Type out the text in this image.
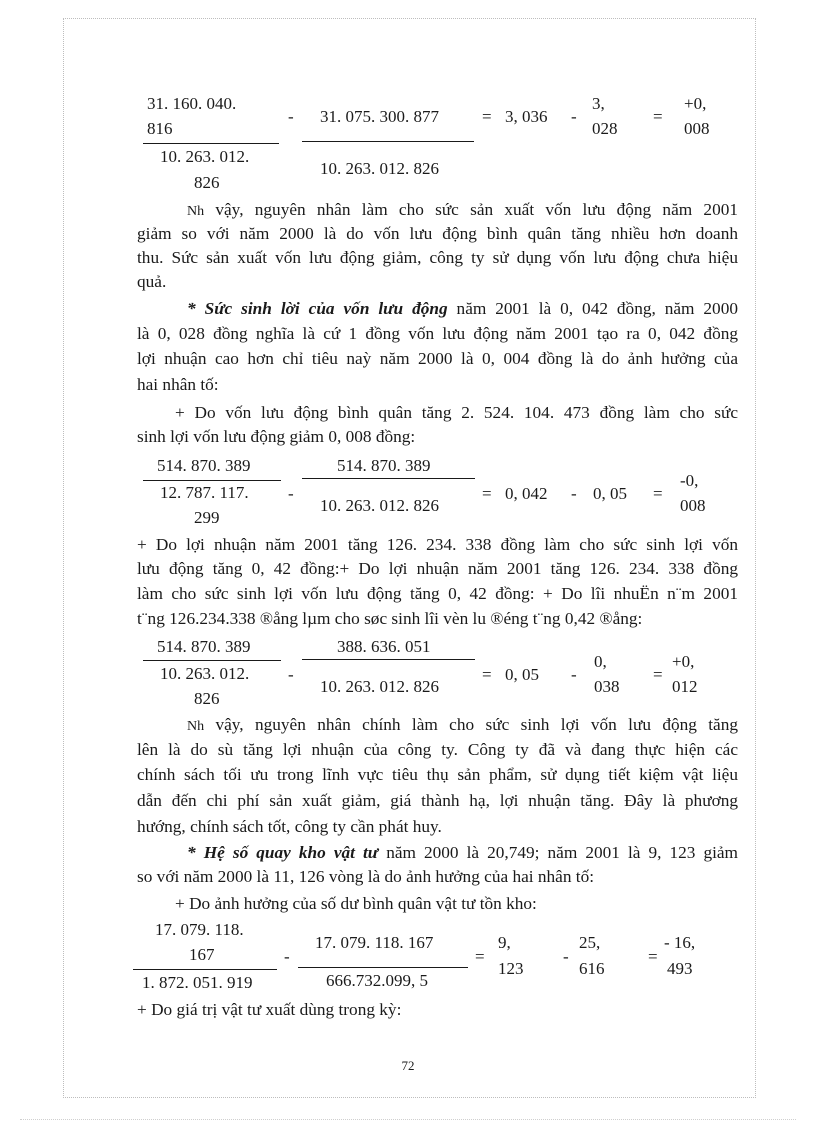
31. 160. 040.
816
10. 263. 012.
826
- 31. 075. 300. 877
10. 263. 012. 826
= 3, 036 -
3,
028
=
+0,
008
Nh vậy, nguyên nhân làm cho sức sản xuất vốn lưu động năm 2001
giảm so với năm 2000 là do vốn lưu động bình quân tăng nhiều hơn doanh
thu. Sức sản xuất vốn lưu động giảm, công ty sử dụng vốn lưu động chưa hiệu
quả.
* Sức sinh lời của vốn lưu động năm 2001 là 0, 042 đồng, năm 2000
là 0, 028 đồng nghĩa là cứ 1 đồng vốn lưu động năm 2001 tạo ra 0, 042 đồng
lợi nhuận cao hơn chỉ tiêu naỳ năm 2000 là 0, 004 đồng là do ảnh hưởng của
hai nhân tố:
+ Do vốn lưu động bình quân tăng 2. 524. 104. 473 đồng làm cho sức
sinh lợi vốn lưu động giảm 0, 008 đồng:
514. 870. 389
12. 787. 117.
299
-
514. 870. 389
10. 263. 012. 826
= 0, 042 - 0, 05 =
-0,
008
+ Do lợi nhuận năm 2001 tăng 126. 234. 338 đồng làm cho sức sinh lợi vốn
lưu động tăng 0, 42 đồng:+ Do lợi nhuận năm 2001 tăng 126. 234. 338 đồng
làm cho sức sinh lợi vốn lưu động tăng 0, 42 đồng: + Do lîi nhuËn n¨m 2001
t¨ng 126.234.338 ®ång lµm cho søc sinh lîi vèn lu ®éng t¨ng 0,42 ®ång:
514. 870. 389
10. 263. 012.
826
-
388. 636. 051
10. 263. 012. 826
= 0, 05 -
0,
038
=
+0,
012
Nh vậy, nguyên nhân chính làm cho sức sinh lợi vốn lưu động tăng
lên là do sù tăng lợi nhuận của công ty. Công ty đã và đang thực hiện các
chính sách tối ưu trong lĩnh vực tiêu thụ sản phẩm, sử dụng tiết kiệm vật liệu
dẫn đến chi phí sản xuất giảm, giá thành hạ, lợi nhuận tăng. Đây là phương
hướng, chính sách tốt, công ty cần phát huy.
* Hệ số quay kho vật tư năm 2000 là 20,749; năm 2001 là 9, 123 giảm
so với năm 2000 là 11, 126 vòng là do ảnh hưởng của hai nhân tố:
+ Do ảnh hưởng của số dư bình quân vật tư tồn kho:
17. 079. 118.
167
1. 872. 051. 919
-
17. 079. 118. 167
666.732.099, 5
=
9,
123
-
25,
616
=
- 16,
493
+ Do giá trị vật tư xuất dùng trong kỳ:
72
